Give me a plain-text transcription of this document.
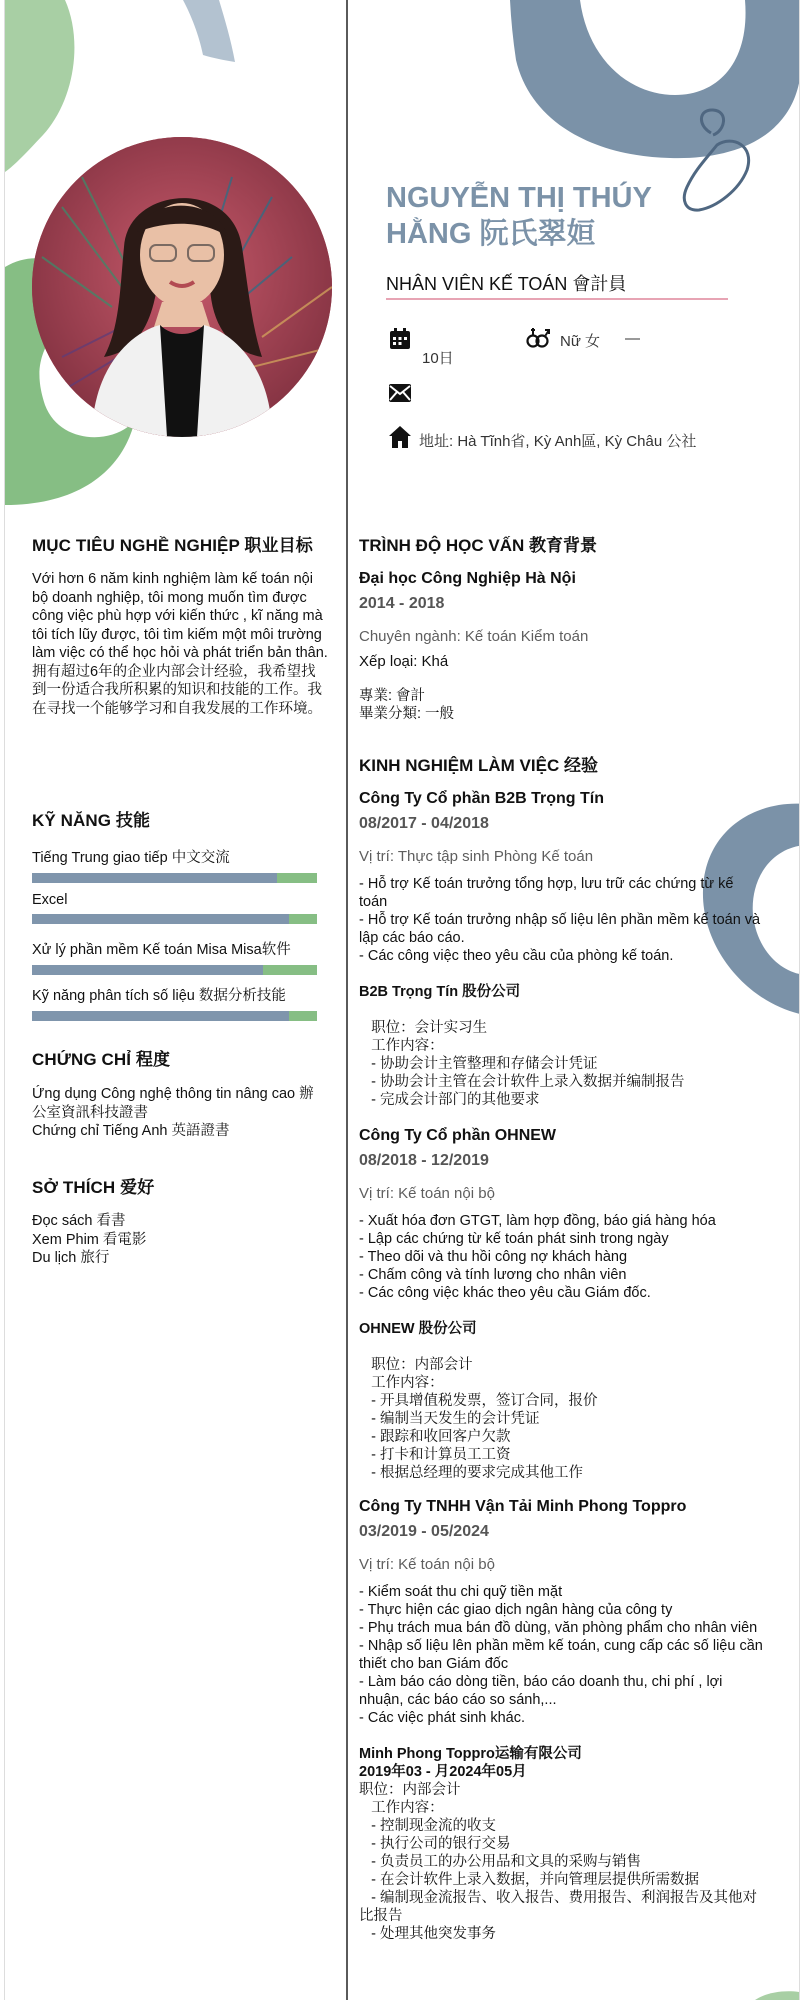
MỤC TIÊU NGHỀ NGHIỆP 职业目标
Với hơn 6 năm kinh nghiệm làm kế toán nội bộ doanh nghiệp, tôi mong muốn tìm được công việc phù hợp với kiến thức , kĩ năng mà tôi tích lũy được, tôi tìm kiếm một môi trường làm việc có thể học hỏi và phát triển bản thân.
拥有超过6年的企业内部会计经验，我希望找到一份适合我所积累的知识和技能的工作。我在寻找一个能够学习和自我发展的工作环境。
KỸ NĂNG 技能
Tiếng Trung giao tiếp 中文交流
Excel
Xử lý phần mềm Kế toán Misa Misa软件
Kỹ năng phân tích số liệu 数据分析技能
CHỨNG CHỈ 程度
Ứng dụng Công nghệ thông tin nâng cao 辦公室資訊科技證書
Chứng chỉ Tiếng Anh 英語證書
SỞ THÍCH 爱好
Đọc sách 看書
Xem Phim 看電影
Du lịch 旅行
NGUYỄN THỊ THÚY
HẰNG 阮氏翠姮
NHÂN VIÊN KẾ TOÁN 會計員
10日
Nữ 女 —
地址: Hà Tĩnh省, Kỳ Anh區, Kỳ Châu 公社
TRÌNH ĐỘ HỌC VẤN 教育背景
Đại học Công Nghiệp Hà Nội
2014 - 2018
Chuyên ngành: Kế toán Kiểm toán
Xếp loại: Khá
專業: 會計
畢業分類: 一般
KINH NGHIỆM LÀM VIỆC 经验
Công Ty Cổ phần B2B Trọng Tín
08/2017 - 04/2018
Vị trí: Thực tập sinh Phòng Kế toán
- Hỗ trợ Kế toán trưởng tổng hợp, lưu trữ các chứng từ kế toán
- Hỗ trợ Kế toán trưởng nhập số liệu lên phần mềm kế toán và lập các báo cáo.
- Các công việc theo yêu cầu của phòng kế toán.
B2B Trọng Tín 股份公司
职位：会计实习生
工作内容：
- 协助会计主管整理和存储会计凭证
- 协助会计主管在会计软件上录入数据并编制报告
- 完成会计部门的其他要求
Công Ty Cổ phần OHNEW
08/2018 - 12/2019
Vị trí: Kế toán nội bộ
- Xuất hóa đơn GTGT, làm hợp đồng, báo giá hàng hóa
- Lập các chứng từ kế toán phát sinh trong ngày
- Theo dõi và thu hồi công nợ khách hàng
- Chấm công và tính lương cho nhân viên
- Các công việc khác theo yêu cầu Giám đốc.
OHNEW 股份公司
职位：内部会计
工作内容：
- 开具增值税发票，签订合同，报价
- 编制当天发生的会计凭证
- 跟踪和收回客户欠款
- 打卡和计算员工工资
- 根据总经理的要求完成其他工作
Công Ty TNHH Vận Tải Minh Phong Toppro
03/2019 - 05/2024
Vị trí: Kế toán nội bộ
- Kiểm soát thu chi quỹ tiền mặt
- Thực hiện các giao dịch ngân hàng của công ty
- Phụ trách mua bán đồ dùng, văn phòng phẩm cho nhân viên
- Nhập số liệu lên phần mềm kế toán, cung cấp các số liệu cần thiết cho ban Giám đốc
- Làm báo cáo dòng tiền, báo cáo doanh thu, chi phí , lợi nhuận, các báo cáo so sánh,...
- Các việc phát sinh khác.
Minh Phong Toppro运输有限公司
2019年03 - 月2024年05月
职位：内部会计
工作内容：
- 控制现金流的收支
- 执行公司的银行交易
- 负责员工的办公用品和文具的采购与销售
- 在会计软件上录入数据，并向管理层提供所需数据
- 编制现金流报告、收入报告、费用报告、利润报告及其他对比报告
- 处理其他突发事务
